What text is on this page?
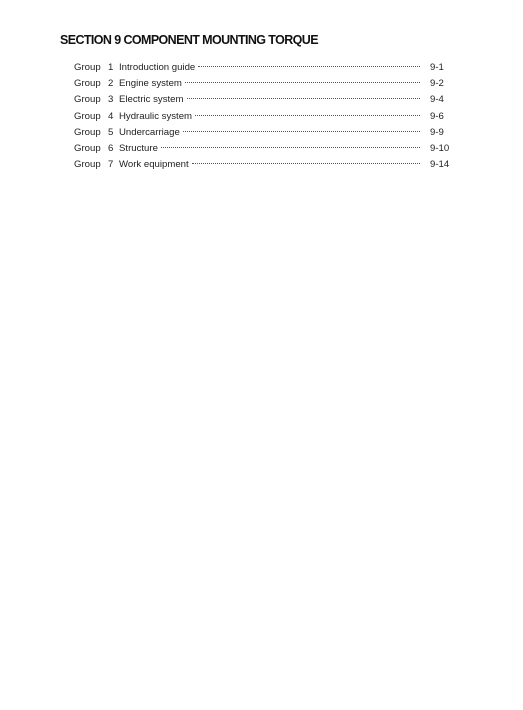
SECTION 9 COMPONENT MOUNTING TORQUE
Group 1 Introduction guide	9-1
Group 2 Engine system	9-2
Group 3 Electric system	9-4
Group 4 Hydraulic system	9-6
Group 5 Undercarriage	9-9
Group 6 Structure	9-10
Group 7 Work equipment	9-14
